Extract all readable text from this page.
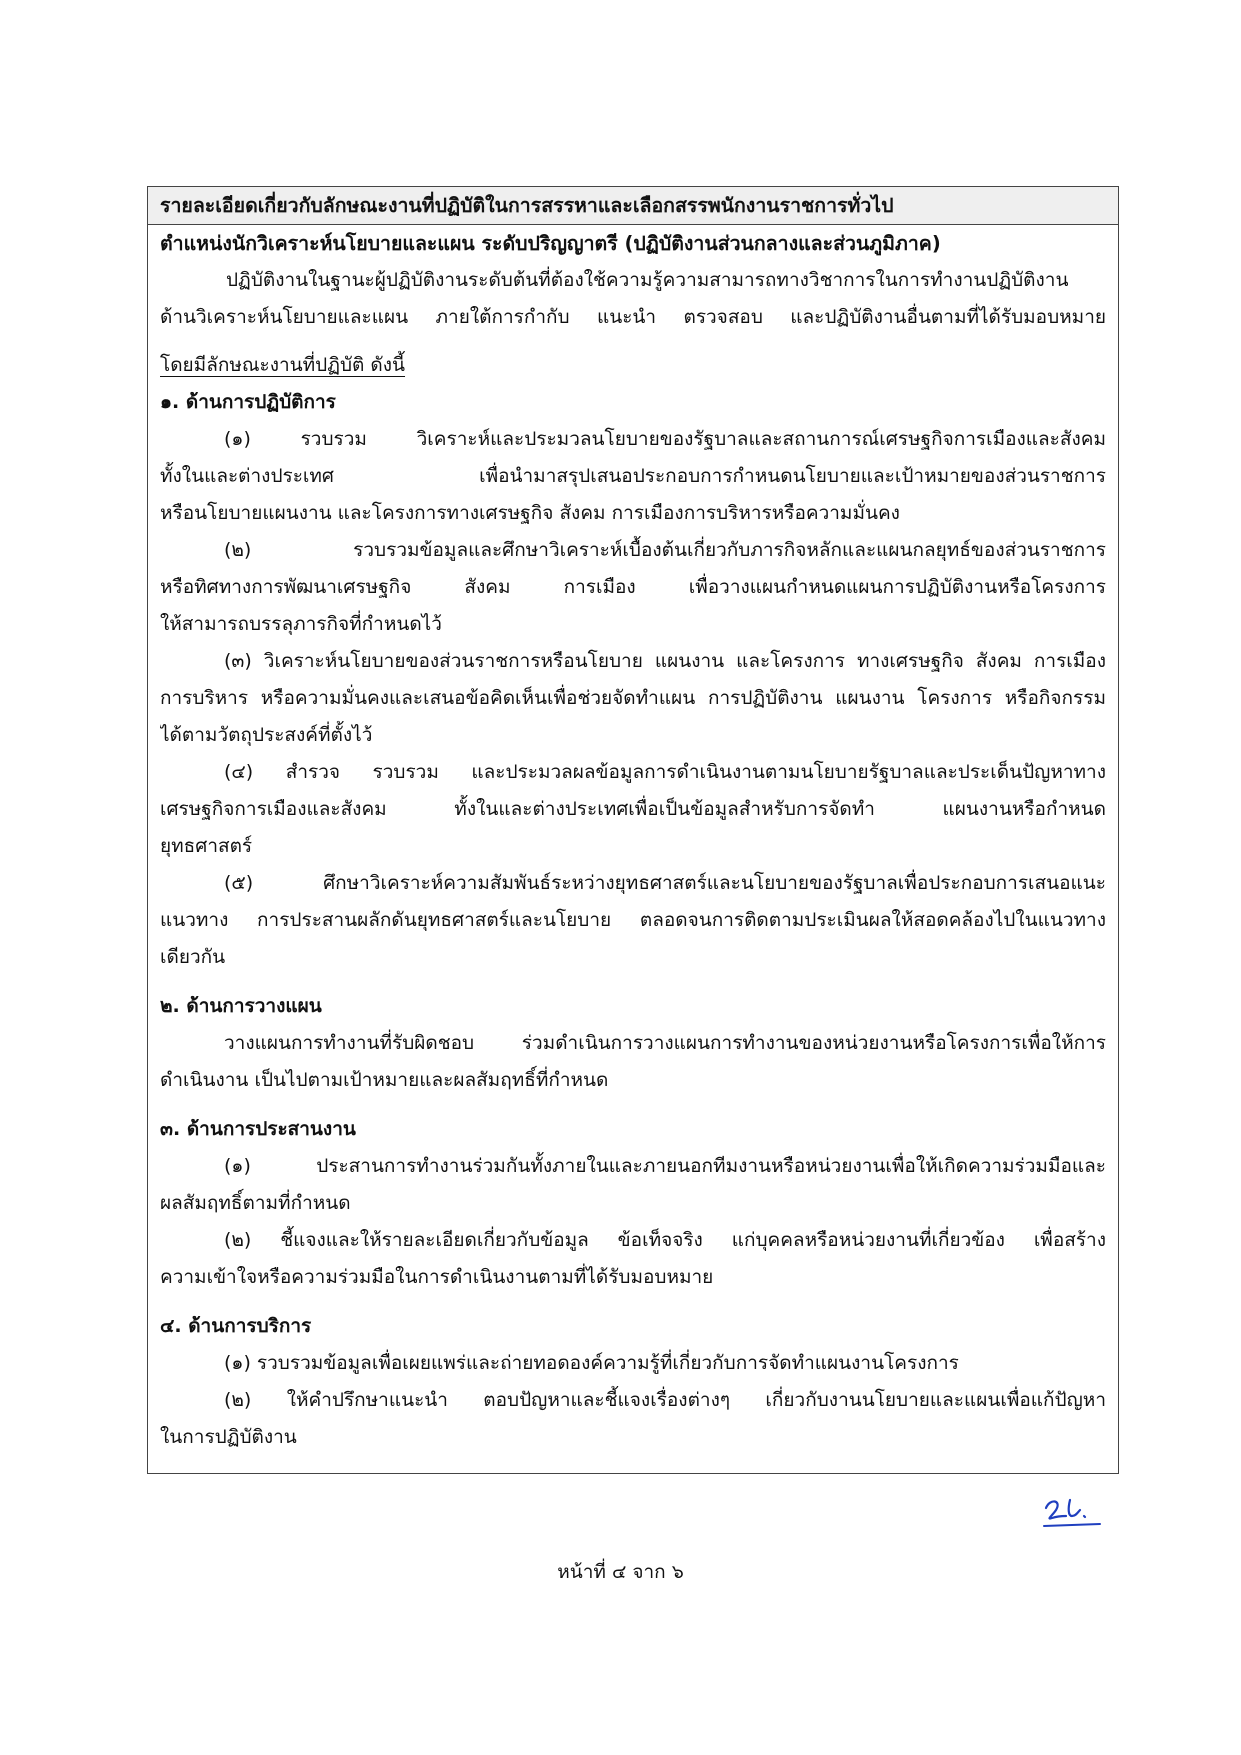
รายละเอียดเกี่ยวกับลักษณะงานที่ปฏิบัติในการสรรหาและเลือกสรรพนักงานราชการทั่วไป
ตำแหน่งนักวิเคราะห์นโยบายและแผน ระดับปริญญาตรี (ปฏิบัติงานส่วนกลางและส่วนภูมิภาค)
ปฏิบัติงานในฐานะผู้ปฏิบัติงานระดับต้นที่ต้องใช้ความรู้ความสามารถทางวิชาการในการทำงานปฏิบัติงาน
ด้านวิเคราะห์นโยบายและแผน ภายใต้การกำกับ แนะนำ ตรวจสอบ และปฏิบัติงานอื่นตามที่ได้รับมอบหมาย
โดยมีลักษณะงานที่ปฏิบัติ ดังนี้
๑. ด้านการปฏิบัติการ
(๑) รวบรวม วิเคราะห์และประมวลนโยบายของรัฐบาลและสถานการณ์เศรษฐกิจการเมืองและสังคม
ทั้งในและต่างประเทศ เพื่อนำมาสรุปเสนอประกอบการกำหนดนโยบายและเป้าหมายของส่วนราชการ
หรือนโยบายแผนงาน และโครงการทางเศรษฐกิจ สังคม การเมืองการบริหารหรือความมั่นคง
(๒) รวบรวมข้อมูลและศึกษาวิเคราะห์เบื้องต้นเกี่ยวกับภารกิจหลักและแผนกลยุทธ์ของส่วนราชการ
หรือทิศทางการพัฒนาเศรษฐกิจ สังคม การเมือง เพื่อวางแผนกำหนดแผนการปฏิบัติงานหรือโครงการ
ให้สามารถบรรลุภารกิจที่กำหนดไว้
(๓) วิเคราะห์นโยบายของส่วนราชการหรือนโยบาย แผนงาน และโครงการ ทางเศรษฐกิจ สังคม การเมือง
การบริหาร หรือความมั่นคงและเสนอข้อคิดเห็นเพื่อช่วยจัดทำแผน การปฏิบัติงาน แผนงาน โครงการ หรือกิจกรรม
ได้ตามวัตถุประสงค์ที่ตั้งไว้
(๔) สำรวจ รวบรวม และประมวลผลข้อมูลการดำเนินงานตามนโยบายรัฐบาลและประเด็นปัญหาทาง
เศรษฐกิจการเมืองและสังคม ทั้งในและต่างประเทศเพื่อเป็นข้อมูลสำหรับการจัดทำ แผนงานหรือกำหนด
ยุทธศาสตร์
(๕) ศึกษาวิเคราะห์ความสัมพันธ์ระหว่างยุทธศาสตร์และนโยบายของรัฐบาลเพื่อประกอบการเสนอแนะ
แนวทาง การประสานผลักดันยุทธศาสตร์และนโยบาย ตลอดจนการติดตามประเมินผลให้สอดคล้องไปในแนวทาง
เดียวกัน
๒. ด้านการวางแผน
วางแผนการทำงานที่รับผิดชอบ ร่วมดำเนินการวางแผนการทำงานของหน่วยงานหรือโครงการเพื่อให้การ
ดำเนินงาน เป็นไปตามเป้าหมายและผลสัมฤทธิ์ที่กำหนด
๓. ด้านการประสานงาน
(๑) ประสานการทำงานร่วมกันทั้งภายในและภายนอกทีมงานหรือหน่วยงานเพื่อให้เกิดความร่วมมือและ
ผลสัมฤทธิ์ตามที่กำหนด
(๒) ชี้แจงและให้รายละเอียดเกี่ยวกับข้อมูล ข้อเท็จจริง แก่บุคคลหรือหน่วยงานที่เกี่ยวข้อง เพื่อสร้าง
ความเข้าใจหรือความร่วมมือในการดำเนินงานตามที่ได้รับมอบหมาย
๔. ด้านการบริการ
(๑) รวบรวมข้อมูลเพื่อเผยแพร่และถ่ายทอดองค์ความรู้ที่เกี่ยวกับการจัดทำแผนงานโครงการ
(๒) ให้คำปรึกษาแนะนำ ตอบปัญหาและชี้แจงเรื่องต่างๆ เกี่ยวกับงานนโยบายและแผนเพื่อแก้ปัญหา
ในการปฏิบัติงาน
หน้าที่ ๔ จาก ๖
